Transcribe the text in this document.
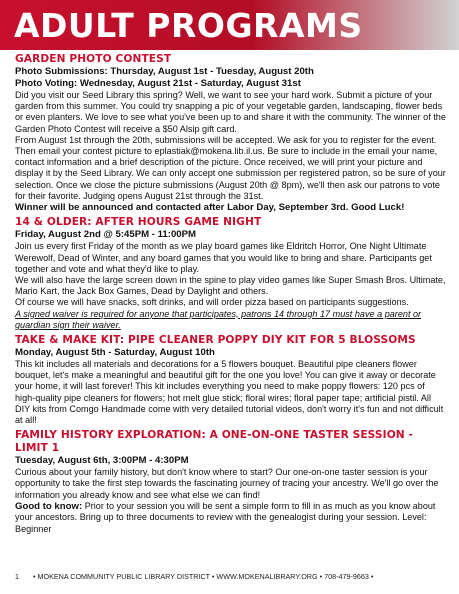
ADULT PROGRAMS
GARDEN PHOTO CONTEST
Photo Submissions: Thursday, August 1st - Tuesday, August 20th
Photo Voting: Wednesday, August 21st - Saturday, August 31st

Did you visit our Seed Library this spring? Well, we want to see your hard work. Submit a picture of your garden from this summer. You could try snapping a pic of your vegetable garden, landscaping, flower beds or even planters. We love to see what you've been up to and share it with the community. The winner of the Garden Photo Contest will receive a $50 Alsip gift card.

From August 1st through the 20th, submissions will be accepted. We ask for you to register for the event. Then email your contest picture to eplastiak@mokena.lib.il.us. Be sure to include in the email your name, contact information and a brief description of the picture. Once received, we will print your picture and display it by the Seed Library. We can only accept one submission per registered patron, so be sure of your selection. Once we close the picture submissions (August 20th @ 8pm), we'll then ask our patrons to vote for their favorite. Judging opens August 21st through the 31st.

Winner will be announced and contacted after Labor Day, September 3rd. Good Luck!
14 & OLDER: AFTER HOURS GAME NIGHT
Friday, August 2nd @ 5:45PM - 11:00PM

Join us every first Friday of the month as we play board games like Eldritch Horror, One Night Ultimate Werewolf, Dead of Winter, and any board games that you would like to bring and share. Participants get together and vote and what they'd like to play.

We will also have the large screen down in the spine to play video games like Super Smash Bros. Ultimate, Mario Kart, the Jack Box Games, Dead by Daylight and others.

Of course we will have snacks, soft drinks, and will order pizza based on participants suggestions.

A signed waiver is required for anyone that participates, patrons 14 through 17 must have a parent or guardian sign their waiver.

TAKE & MAKE KIT: PIPE CLEANER POPPY DIY KIT FOR 5 BLOSSOMS
Monday, August 5th - Saturday, August 10th

This kit includes all materials and decorations for a 5 flowers bouquet. Beautiful pipe cleaners flower bouquet, let's make a meaningful and beautiful gift for the one you love! You can give it away or decorate your home, it will last forever! This kit includes everything you need to make poppy flowers: 120 pcs of high-quality pipe cleaners for flowers; hot melt glue stick; floral wires; floral paper tape; artificial pistil. All DIY kits from Comgo Handmade come with very detailed tutorial videos, don't worry it's fun and not difficult at all!

FAMILY HISTORY EXPLORATION: A ONE-ON-ONE TASTER SESSION - LIMIT 1
Tuesday, August 6th, 3:00PM - 4:30PM

Curious about your family history, but don't know where to start? Our one-on-one taster session is your opportunity to take the first step towards the fascinating journey of tracing your ancestry. We'll go over the information you already know and see what else we can find!

Good to know: Prior to your session you will be sent a simple form to fill in as much as you know about your ancestors. Bring up to three documents to review with the genealogist during your session. Level: Beginner

1 • MOKENA COMMUNITY PUBLIC LIBRARY DISTRICT • WWW.MOKENALIBRARY.ORG • 708-479-9663 •
